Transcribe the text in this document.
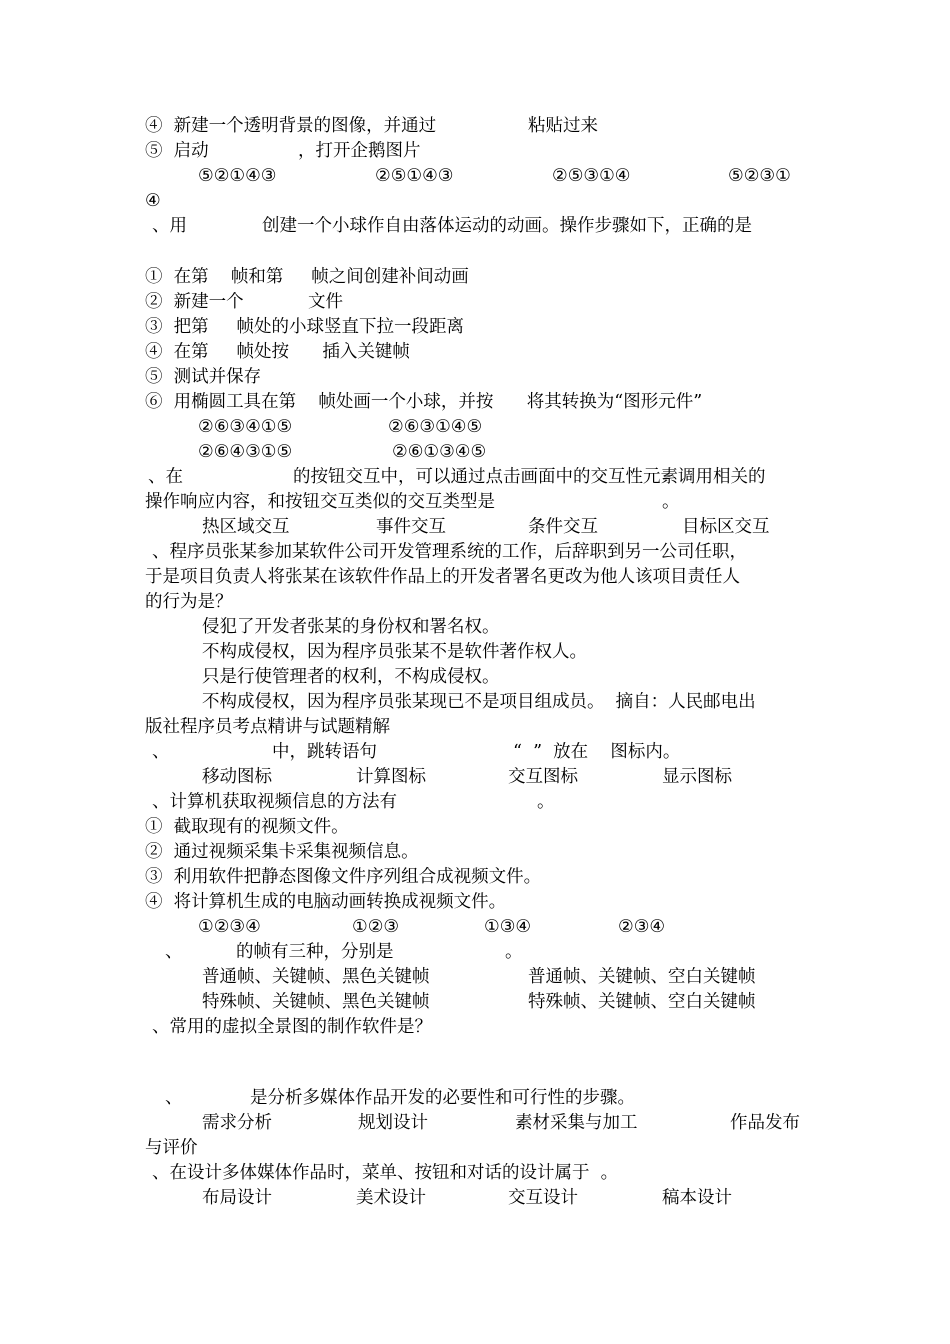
④  新建一个透明背景的图像，并通过	粘贴过来
⑤  启动	，打开企鹅图片
⑤②①④③	②⑤①④③	②⑤③①④	⑤②③①
④
、用	创建一个小球作自由落体运动的动画。操作步骤如下，正确的是
①  在第    帧和第     帧之间创建补间动画
②  新建一个	文件
③  把第     帧处的小球竖直下拉一段距离
④  在第     帧处按      插入关键帧
⑤  测试并保存
⑥  用椭圆工具在第    帧处画一个小球，并按      将其转换为“图形元件”
②⑥③④①⑤	②⑥③①④⑤
②⑥④③①⑤	②⑥①③④⑤
、在	的按钮交互中，可以通过点击画面中的交互性元素调用相关的
操作响应内容，和按钮交互类似的交互类型是	。
热区域交互	事件交互	条件交互	目标区交互
、程序员张某参加某软件公司开发管理系统的工作，后辞职到另一公司任职，
于是项目负责人将张某在该软件作品上的开发者署名更改为他人该项目责任人
的行为是？
侵犯了开发者张某的身份权和署名权。
不构成侵权，因为程序员张某不是软件著作权人。
只是行使管理者的权利，不构成侵权。
不构成侵权，因为程序员张某现已不是项目组成员。  摘自：人民邮电出
版社程序员考点精讲与试题精解
、	中，跳转语句	“  ”  放在    图标内。
移动图标	计算图标	交互图标	显示图标
、计算机获取视频信息的方法有	。
①  截取现有的视频文件。
②  通过视频采集卡采集视频信息。
③  利用软件把静态图像文件序列组合成视频文件。
④  将计算机生成的电脑动画转换成视频文件。
①②③④	①②③	①③④	②③④
、	的帧有三种，分别是	。
普通帧、关键帧、黑色关键帧	普通帧、关键帧、空白关键帧
特殊帧、关键帧、黑色关键帧	特殊帧、关键帧、空白关键帧
、常用的虚拟全景图的制作软件是？
、	是分析多媒体作品开发的必要性和可行性的步骤。
需求分析	规划设计	素材采集与加工	作品发布
与评价
、在设计多体媒体作品时，菜单、按钮和对话的设计属于  。
布局设计	美术设计	交互设计	稿本设计
